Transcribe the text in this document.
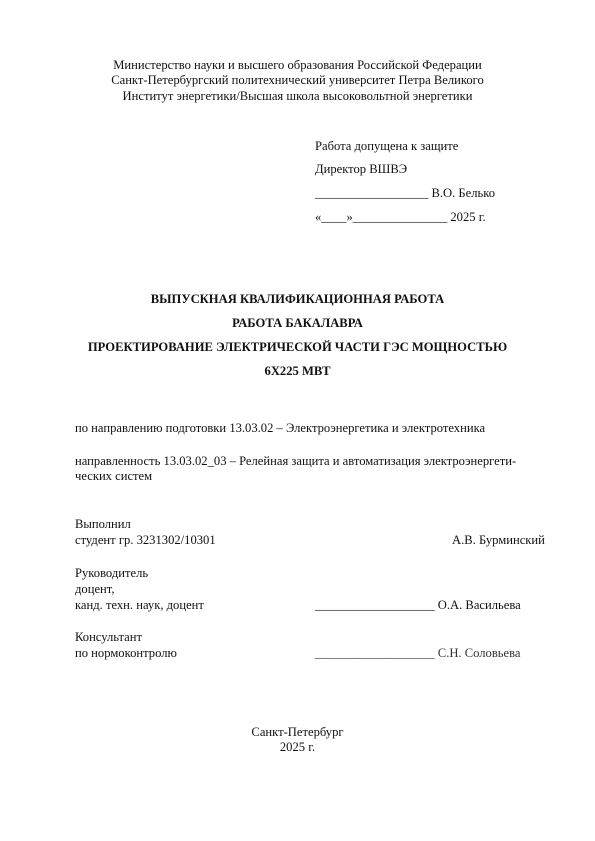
Министерство науки и высшего образования Российской Федерации
Санкт-Петербургский политехнический университет Петра Великого
Институт энергетики/Высшая школа высоковольтной энергетики
Работа допущена к защите
Директор ВШВЭ
__________________ В.О. Белько
«____»_______________ 2025 г.
ВЫПУСКНАЯ КВАЛИФИКАЦИОННАЯ РАБОТА
РАБОТА БАКАЛАВРА
ПРОЕКТИРОВАНИЕ ЭЛЕКТРИЧЕСКОЙ ЧАСТИ ГЭС МОЩНОСТЬЮ
6Х225 МВТ
по направлению подготовки 13.03.02 – Электроэнергетика и электротехника
направленность 13.03.02_03 – Релейная защита и автоматизация электроэнергети-
ческих систем
Выполнил
студент гр. 3231302/10301	А.В. Бурминский
Руководитель
доцент,
канд. техн. наук, доцент	___________________ О.А. Васильева
Консультант
по нормоконтролю	___________________ С.Н. Соловьева
Санкт-Петербург
2025 г.
